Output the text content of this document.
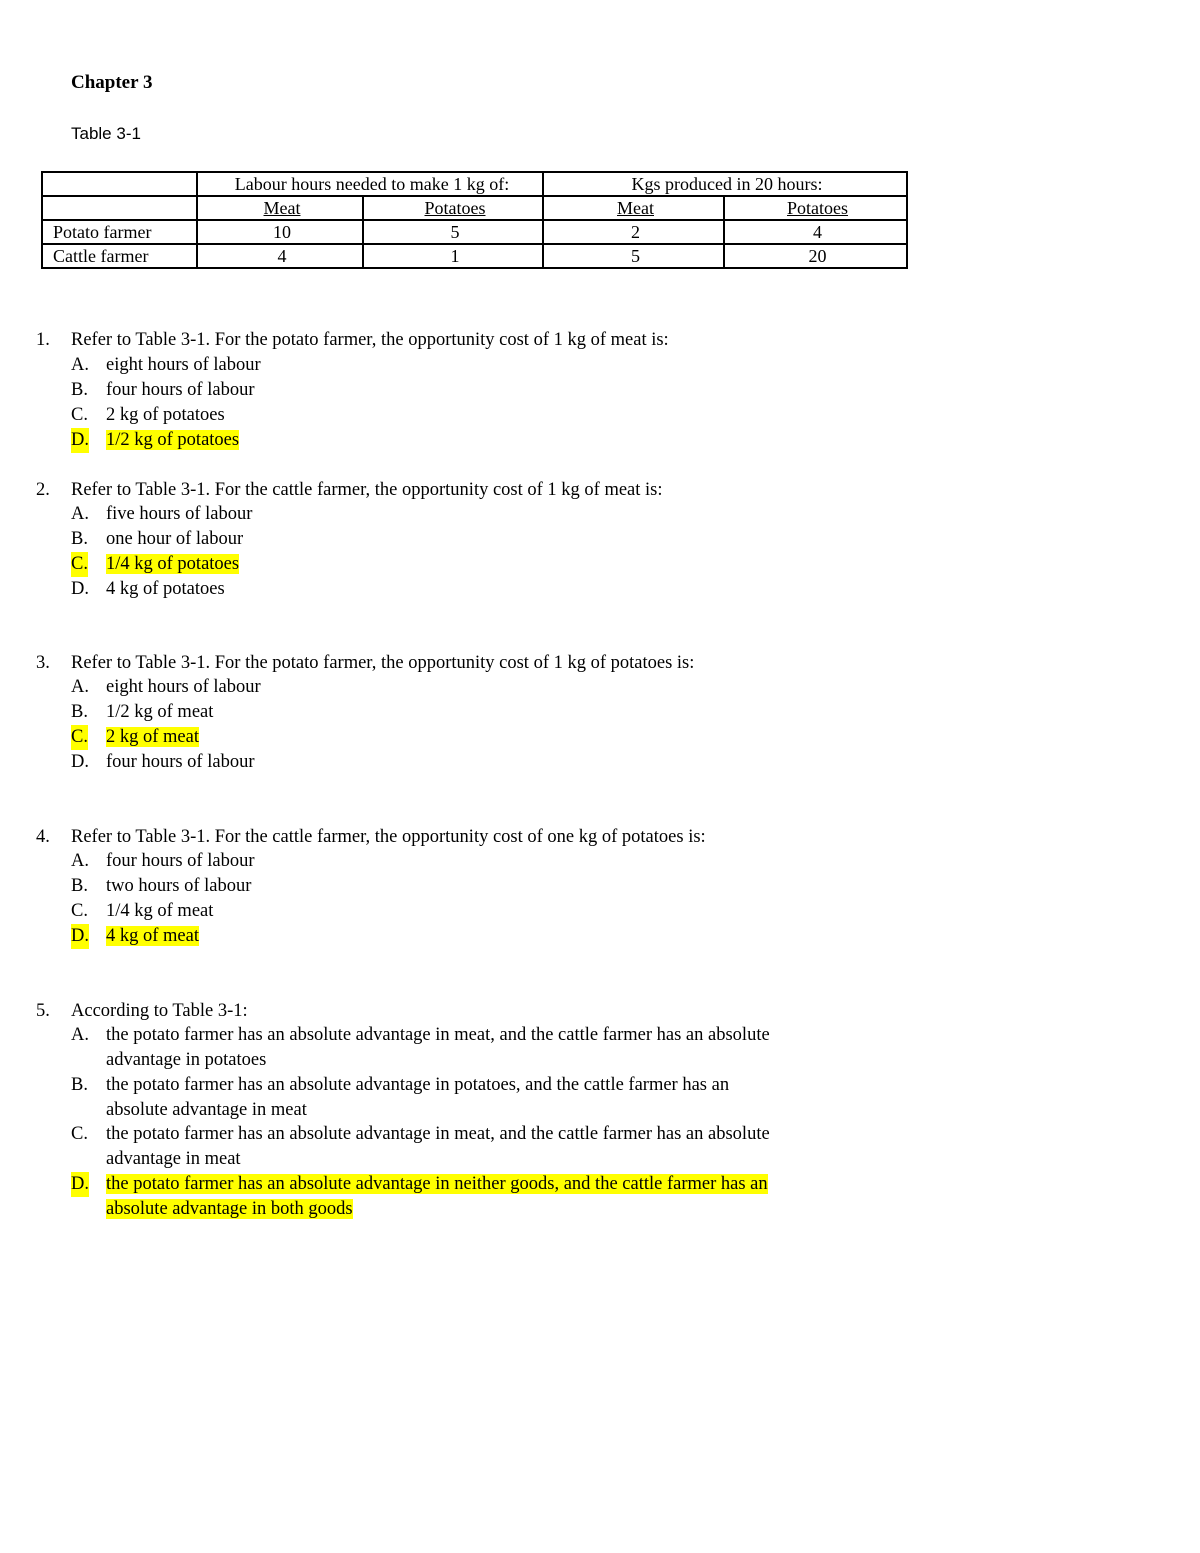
Chapter 3
Table 3-1
	Labour hours needed to make 1 kg of:		Kgs produced in 20 hours:	
	Meat	Potatoes	Meat	Potatoes
Potato farmer	10	5	2	4
Cattle farmer	4	1	5	20
1. Refer to Table 3-1. For the potato farmer, the opportunity cost of 1 kg of meat is:
A. eight hours of labour
B. four hours of labour
C. 2 kg of potatoes
D. 1/2 kg of potatoes
2. Refer to Table 3-1. For the cattle farmer, the opportunity cost of 1 kg of meat is:
A. five hours of labour
B. one hour of labour
C. 1/4 kg of potatoes
D. 4 kg of potatoes
3. Refer to Table 3-1. For the potato farmer, the opportunity cost of 1 kg of potatoes is:
A. eight hours of labour
B. 1/2 kg of meat
C. 2 kg of meat
D. four hours of labour
4. Refer to Table 3-1. For the cattle farmer, the opportunity cost of one kg of potatoes is:
A. four hours of labour
B. two hours of labour
C. 1/4 kg of meat
D. 4 kg of meat
5. According to Table 3-1:
A. the potato farmer has an absolute advantage in meat, and the cattle farmer has an absolute
advantage in potatoes
B. the potato farmer has an absolute advantage in potatoes, and the cattle farmer has an
absolute advantage in meat
C. the potato farmer has an absolute advantage in meat, and the cattle farmer has an absolute
advantage in meat
D. the potato farmer has an absolute advantage in neither goods, and the cattle farmer has an
absolute advantage in both goods
